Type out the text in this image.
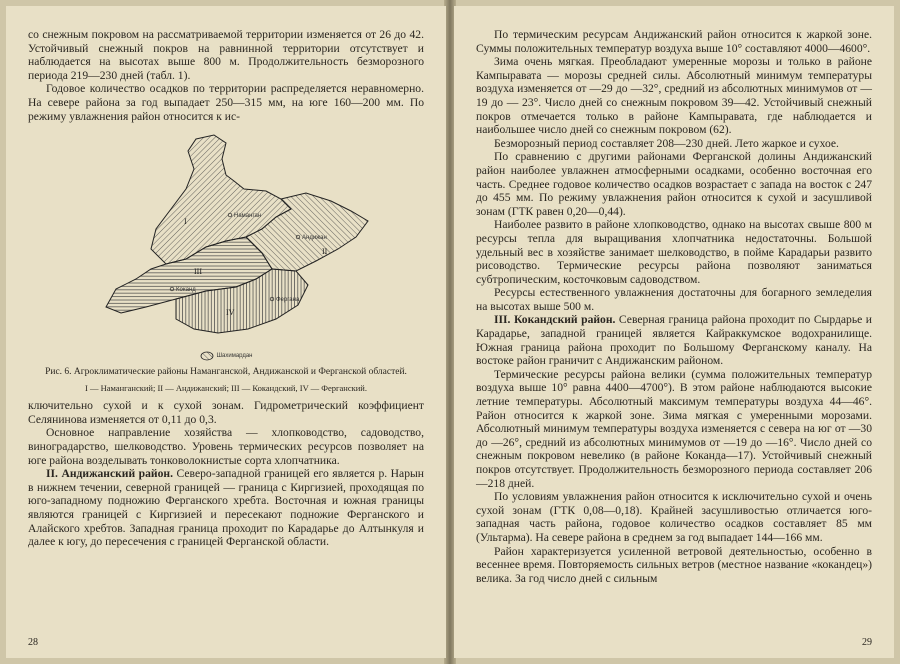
со снежным покровом на рассматриваемой территории изменяется от 26 до 42. Устойчивый снежный покров на равнинной территории отсутствует и наблюдается на высотах выше 800 м. Продолжительность безморозного периода 219—230 дней (табл. 1).

Годовое количество осадков по территории распределяется неравномерно. На севере района за год выпадает 250—315 мм, на юге 160—200 мм. По режиму увлажнения район относится к ис-

Наманган
Андижан
Коканд
Фергана
I
II
III
IV
Шахимардан
Рис. 6. Агроклиматические районы Наманганской, Андижанской и Ферганской областей.
I — Наманганский; II — Андижанский; III — Кокандский, IV — Ферганский.

ключительно сухой и к сухой зонам. Гидрометрический коэффициент Селянинова изменяется от 0,11 до 0,3.

Основное направление хозяйства — хлопководство, садоводство, виноградарство, шелководство. Уровень термических ресурсов позволяет на юге района возделывать тонковолокнистые сорта хлопчатника.

II. Андижанский район. Северо-западной границей его является р. Нарын в нижнем течении, северной границей — граница с Киргизией, проходящая по юго-западному подножию Ферганского хребта. Восточная и южная границы являются границей с Киргизией и пересекают подножие Ферганского и Алайского хребтов. Западная граница проходит по Карадарье до Алтынкуля и далее к югу, до пересечения с границей Ферганской области.

28

По термическим ресурсам Андижанский район относится к жаркой зоне. Суммы положительных температур воздуха выше 10° составляют 4000—4600°.

Зима очень мягкая. Преобладают умеренные морозы и только в районе Кампыравата — морозы средней силы. Абсолютный минимум температуры воздуха изменяется от —29 до —32°, средний из абсолютных минимумов от —19 до — 23°. Число дней со снежным покровом 39—42. Устойчивый снежный покров отмечается только в районе Кампыравата, где наблюдается и наибольшее число дней со снежным покровом (62).

Безморозный период составляет 208—230 дней. Лето жаркое и сухое.

По сравнению с другими районами Ферганской долины Андижанский район наиболее увлажнен атмосферными осадками, особенно восточная его часть. Среднее годовое количество осадков возрастает с запада на восток с 247 до 455 мм. По режиму увлажнения район относится к сухой и засушливой зонам (ГТК равен 0,20—0,44).

Наиболее развито в районе хлопководство, однако на высотах свыше 800 м ресурсы тепла для выращивания хлопчатника недостаточны. Большой удельный вес в хозяйстве занимает шелководство, в пойме Карадарьи развито рисоводство. Термические ресурсы района позволяют заниматься субтропическим, косточковым садоводством.

Ресурсы естественного увлажнения достаточны для богарного земледелия на высотах выше 500 м.

III. Кокандский район. Северная граница района проходит по Сырдарье и Карадарье, западной границей является Кайраккумское водохранилище. Южная граница района проходит по Большому Ферганскому каналу. На востоке район граничит с Андижанским районом.

Термические ресурсы района велики (сумма положительных температур воздуха выше 10° равна 4400—4700°). В этом районе наблюдаются высокие летние температуры. Абсолютный максимум температуры воздуха 44—46°. Район относится к жаркой зоне. Зима мягкая с умеренными морозами. Абсолютный минимум температуры воздуха изменяется с севера на юг от —30 до —26°, средний из абсолютных минимумов от —19 до —16°. Число дней со снежным покровом невелико (в районе Коканда—17). Устойчивый снежный покров отсутствует. Продолжительность безморозного периода составляет 206—218 дней.

По условиям увлажнения район относится к исключительно сухой и очень сухой зонам (ГТК 0,08—0,18). Крайней засушливостью отличается юго-западная часть района, годовое количество осадков составляет 85 мм (Ультарма). На севере района в среднем за год выпадает 144—166 мм.

Район характеризуется усиленной ветровой деятельностью, особенно в весеннее время. Повторяемость сильных ветров (местное название «кокандец») велика. За год число дней с сильным

29
